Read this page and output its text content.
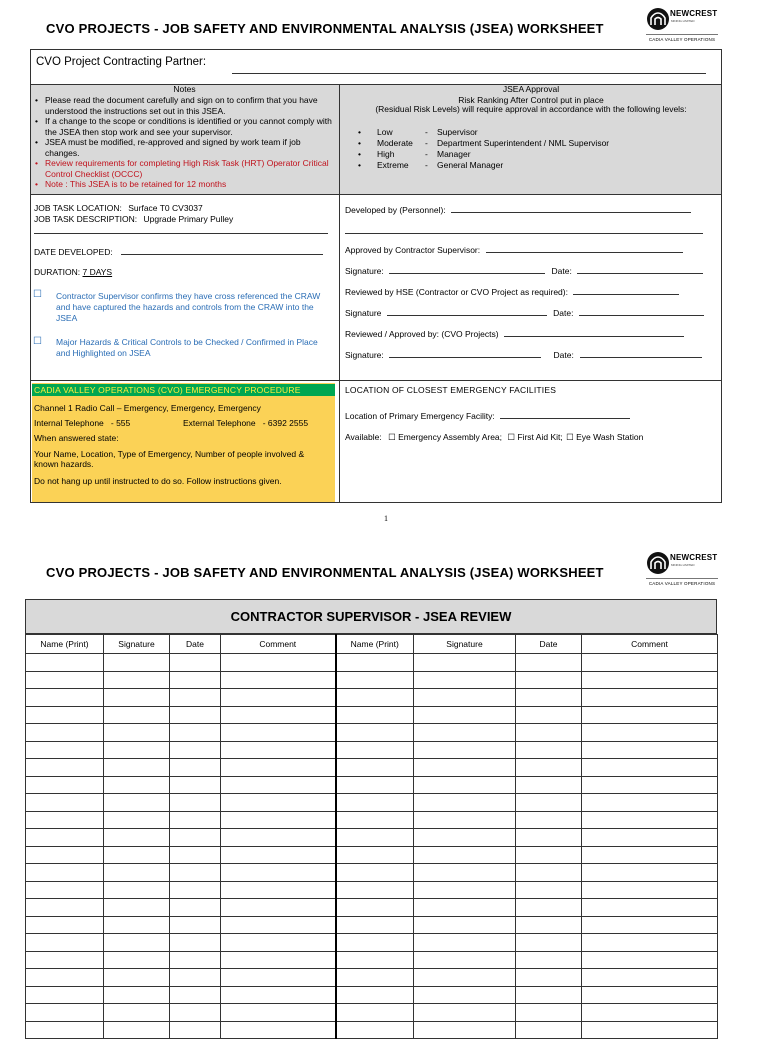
CVO PROJECTS - JOB SAFETY AND ENVIRONMENTAL ANALYSIS (JSEA) WORKSHEET
NEWCREST
MINING LIMITED
CADIA VALLEY OPERATIONS
CVO Project Contracting Partner:
Notes
• Please read the document carefully and sign on to confirm that you have understood the instructions set out in this JSEA.
• If a change to the scope or conditions is identified or you cannot comply with the JSEA then stop work and see your supervisor.
• JSEA must be modified, re-approved and signed by work team if job changes.
• Review requirements for completing High Risk Task (HRT) Operator Critical Control Checklist (OCCC)
• Note : This JSEA is to be retained for 12 months
JSEA Approval
Risk Ranking After Control put in place
(Residual Risk Levels) will require approval in accordance with the following levels:
• Low	- Supervisor
• Moderate - Department Superintendent / NML Supervisor
• High	- Manager
• Extreme - General Manager
JOB TASK LOCATION: Surface T0 CV3037
JOB TASK DESCRIPTION: Upgrade Primary Pulley
DATE DEVELOPED:
DURATION: 7 DAYS
☐	Contractor Supervisor confirms they have cross referenced the CRAW and have captured the hazards and controls from the CRAW into the JSEA
☐	Major Hazards & Critical Controls to be Checked / Confirmed in Place and Highlighted on JSEA
Developed by (Personnel):
Approved by Contractor Supervisor:
Signature:	Date:
Reviewed by HSE (Contractor or CVO Project as required):
Signature	Date:
Reviewed / Approved by: (CVO Projects)
Signature:	Date:
CADIA VALLEY OPERATIONS (CVO) EMERGENCY PROCEDURE
Channel 1 Radio Call – Emergency, Emergency, Emergency
Internal Telephone   - 555	External Telephone   - 6392 2555
When answered state:
Your Name, Location, Type of Emergency, Number of people involved & known hazards.
Do not hang up until instructed to do so. Follow instructions given.
LOCATION OF CLOSEST EMERGENCY FACILITIES
Location of Primary Emergency Facility:
Available: ☐ Emergency Assembly Area; ☐ First Aid Kit; ☐ Eye Wash Station
1
CVO PROJECTS - JOB SAFETY AND ENVIRONMENTAL ANALYSIS (JSEA) WORKSHEET
NEWCREST
MINING LIMITED
CADIA VALLEY OPERATIONS
CONTRACTOR SUPERVISOR - JSEA REVIEW
Name (Print)	Signature	Date	Comment	Name (Print)	Signature	Date	Comment
